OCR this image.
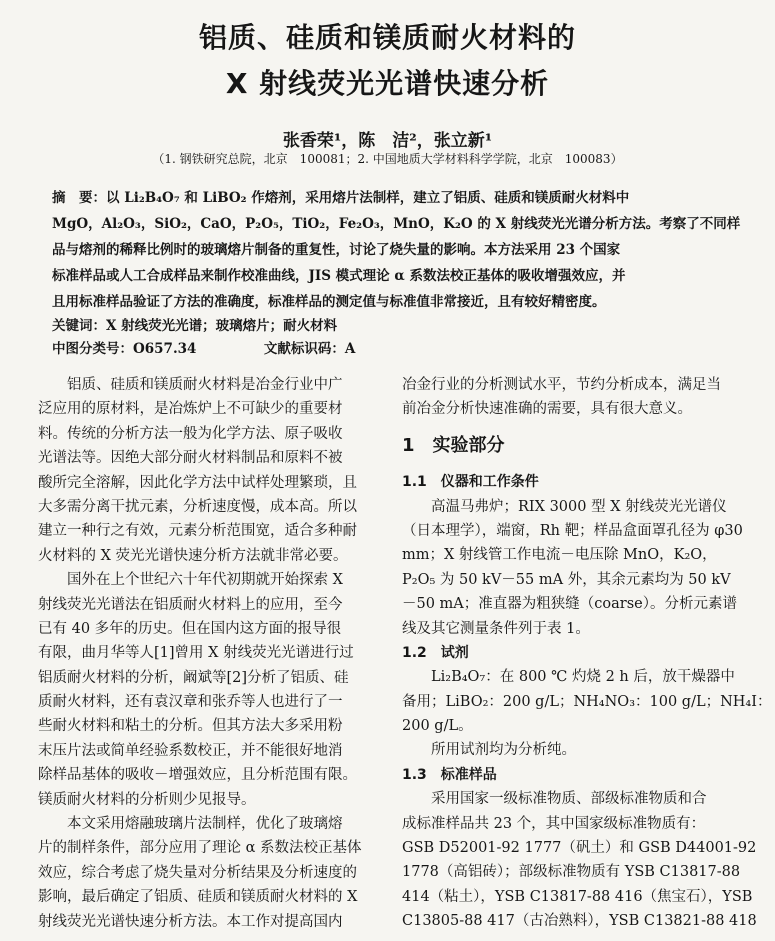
铝质、硅质和镁质耐火材料的
X 射线荧光光谱快速分析
张香荣¹，陈　洁²，张立新¹
（1. 钢铁研究总院，北京　100081；2. 中国地质大学材料科学学院，北京　100083）
摘　要：以 Li₂B₄O₇ 和 LiBO₂ 作熔剂，采用熔片法制样，建立了铝质、硅质和镁质耐火材料中
MgO，Al₂O₃，SiO₂，CaO，P₂O₅，TiO₂，Fe₂O₃，MnO，K₂O 的 X 射线荧光光谱分析方法。考察了不同样
品与熔剂的稀释比例时的玻璃熔片制备的重复性，讨论了烧失量的影响。本方法采用 23 个国家
标准样品或人工合成样品来制作校准曲线，JIS 模式理论 α 系数法校正基体的吸收增强效应，并
且用标准样品验证了方法的准确度，标准样品的测定值与标准值非常接近，且有较好精密度。
关键词：X 射线荧光光谱；玻璃熔片；耐火材料
中图分类号：O657.34　　　　　文献标识码：A
　　铝质、硅质和镁质耐火材料是冶金行业中广
泛应用的原材料，是冶炼炉上不可缺少的重要材
料。传统的分析方法一般为化学方法、原子吸收
光谱法等。因绝大部分耐火材料制品和原料不被
酸所完全溶解，因此化学方法中试样处理繁琐，且
大多需分离干扰元素，分析速度慢，成本高。所以
建立一种行之有效，元素分析范围宽，适合多种耐
火材料的 X 荧光光谱快速分析方法就非常必要。
　　国外在上个世纪六十年代初期就开始探索 X
射线荧光光谱法在铝质耐火材料上的应用，至今
已有 40 多年的历史。但在国内这方面的报导很
有限，曲月华等人[1]曾用 X 射线荧光光谱进行过
铝质耐火材料的分析，阚斌等[2]分析了铝质、硅
质耐火材料，还有袁汉章和张乔等人也进行了一
些耐火材料和粘土的分析。但其方法大多采用粉
末压片法或简单经验系数校正，并不能很好地消
除样品基体的吸收－增强效应，且分析范围有限。
镁质耐火材料的分析则少见报导。
　　本文采用熔融玻璃片法制样，优化了玻璃熔
片的制样条件，部分应用了理论 α 系数法校正基体
效应，综合考虑了烧失量对分析结果及分析速度的
影响，最后确定了铝质、硅质和镁质耐火材料的 X
射线荧光光谱快速分析方法。本工作对提高国内
冶金行业的分析测试水平，节约分析成本，满足当
前冶金分析快速准确的需要，具有很大意义。
1　实验部分
1.1　仪器和工作条件
　　高温马弗炉；RIX 3000 型 X 射线荧光光谱仪
（日本理学），端窗，Rh 靶；样品盒面罩孔径为 φ30
mm；X 射线管工作电流－电压除 MnO，K₂O，
P₂O₅ 为 50 kV－55 mA 外，其余元素均为 50 kV
－50 mA；准直器为粗狭缝（coarse）。分析元素谱
线及其它测量条件列于表 1。
1.2　试剂
　　Li₂B₄O₇：在 800 ℃ 灼烧 2 h 后，放干燥器中
备用；LiBO₂：200 g/L；NH₄NO₃：100 g/L；NH₄I：
200 g/L。
　　所用试剂均为分析纯。
1.3　标准样品
　　采用国家一级标准物质、部级标准物质和合
成标准样品共 23 个，其中国家级标准物质有：
GSB D52001-92 1777（矾土）和 GSB D44001-92
1778（高铝砖）；部级标准物质有 YSB C13817-88
414（粘土），YSB C13817-88 416（焦宝石），YSB
C13805-88 417（古冶熟料），YSB C13821-88 418
